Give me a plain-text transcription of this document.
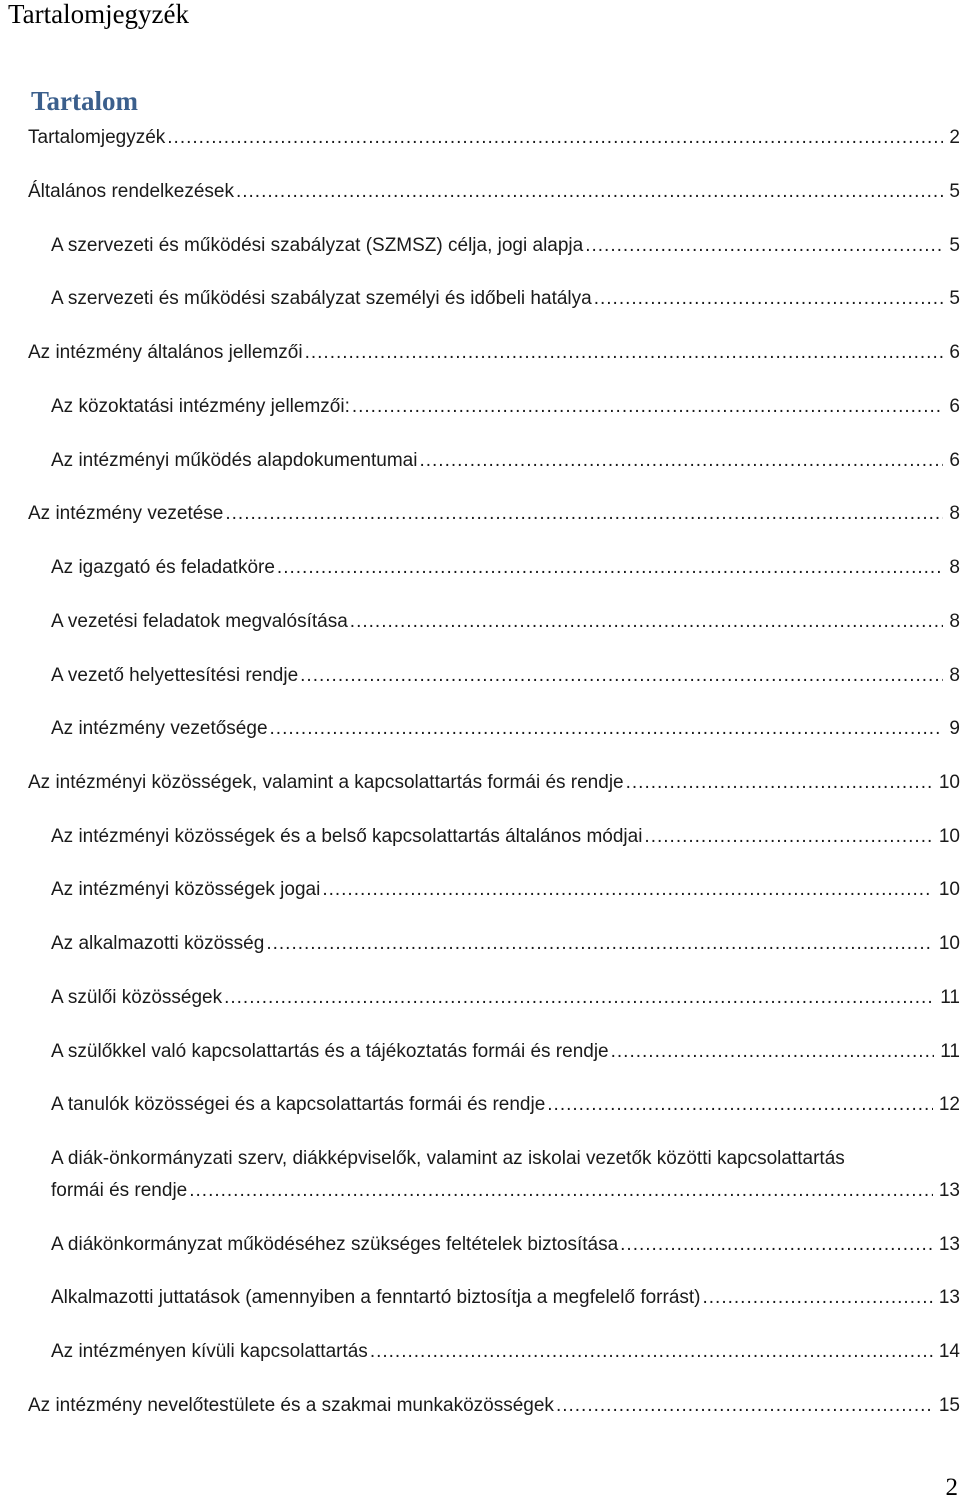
Tartalomjegyzék
Tartalom
Tartalomjegyzék .....	2
Általános rendelkezések .....	5
A szervezeti és működési szabályzat (SZMSZ) célja, jogi alapja .....	5
A szervezeti és működési szabályzat személyi és időbeli hatálya .....	5
Az intézmény általános jellemzői .....	6
Az közoktatási intézmény jellemzői: .....	6
Az intézményi működés alapdokumentumai .....	6
Az intézmény vezetése .....	8
Az igazgató és feladatköre .....	8
A vezetési feladatok megvalósítása .....	8
A vezető helyettesítési rendje .....	8
Az intézmény vezetősége .....	9
Az intézményi közösségek, valamint a kapcsolattartás formái és rendje .....	10
Az intézményi közösségek és a belső kapcsolattartás általános módjai .....	10
Az intézményi közösségek jogai .....	10
Az alkalmazotti közösség .....	10
A szülői közösségek .....	11
A szülőkkel való kapcsolattartás és a tájékoztatás formái és rendje .....	11
A tanulók közösségei és a kapcsolattartás formái és rendje .....	12
A diák-önkormányzati szerv, diákképviselők, valamint az iskolai vezetők közötti kapcsolattartás
formái és rendje .....	13
A diákönkormányzat működéséhez szükséges feltételek biztosítása .....	13
Alkalmazotti juttatások (amennyiben a fenntartó biztosítja a megfelelő forrást) .....	13
Az intézményen kívüli kapcsolattartás .....	14
Az intézmény nevelőtestülete és a szakmai munkaközösségek .....	15
2
